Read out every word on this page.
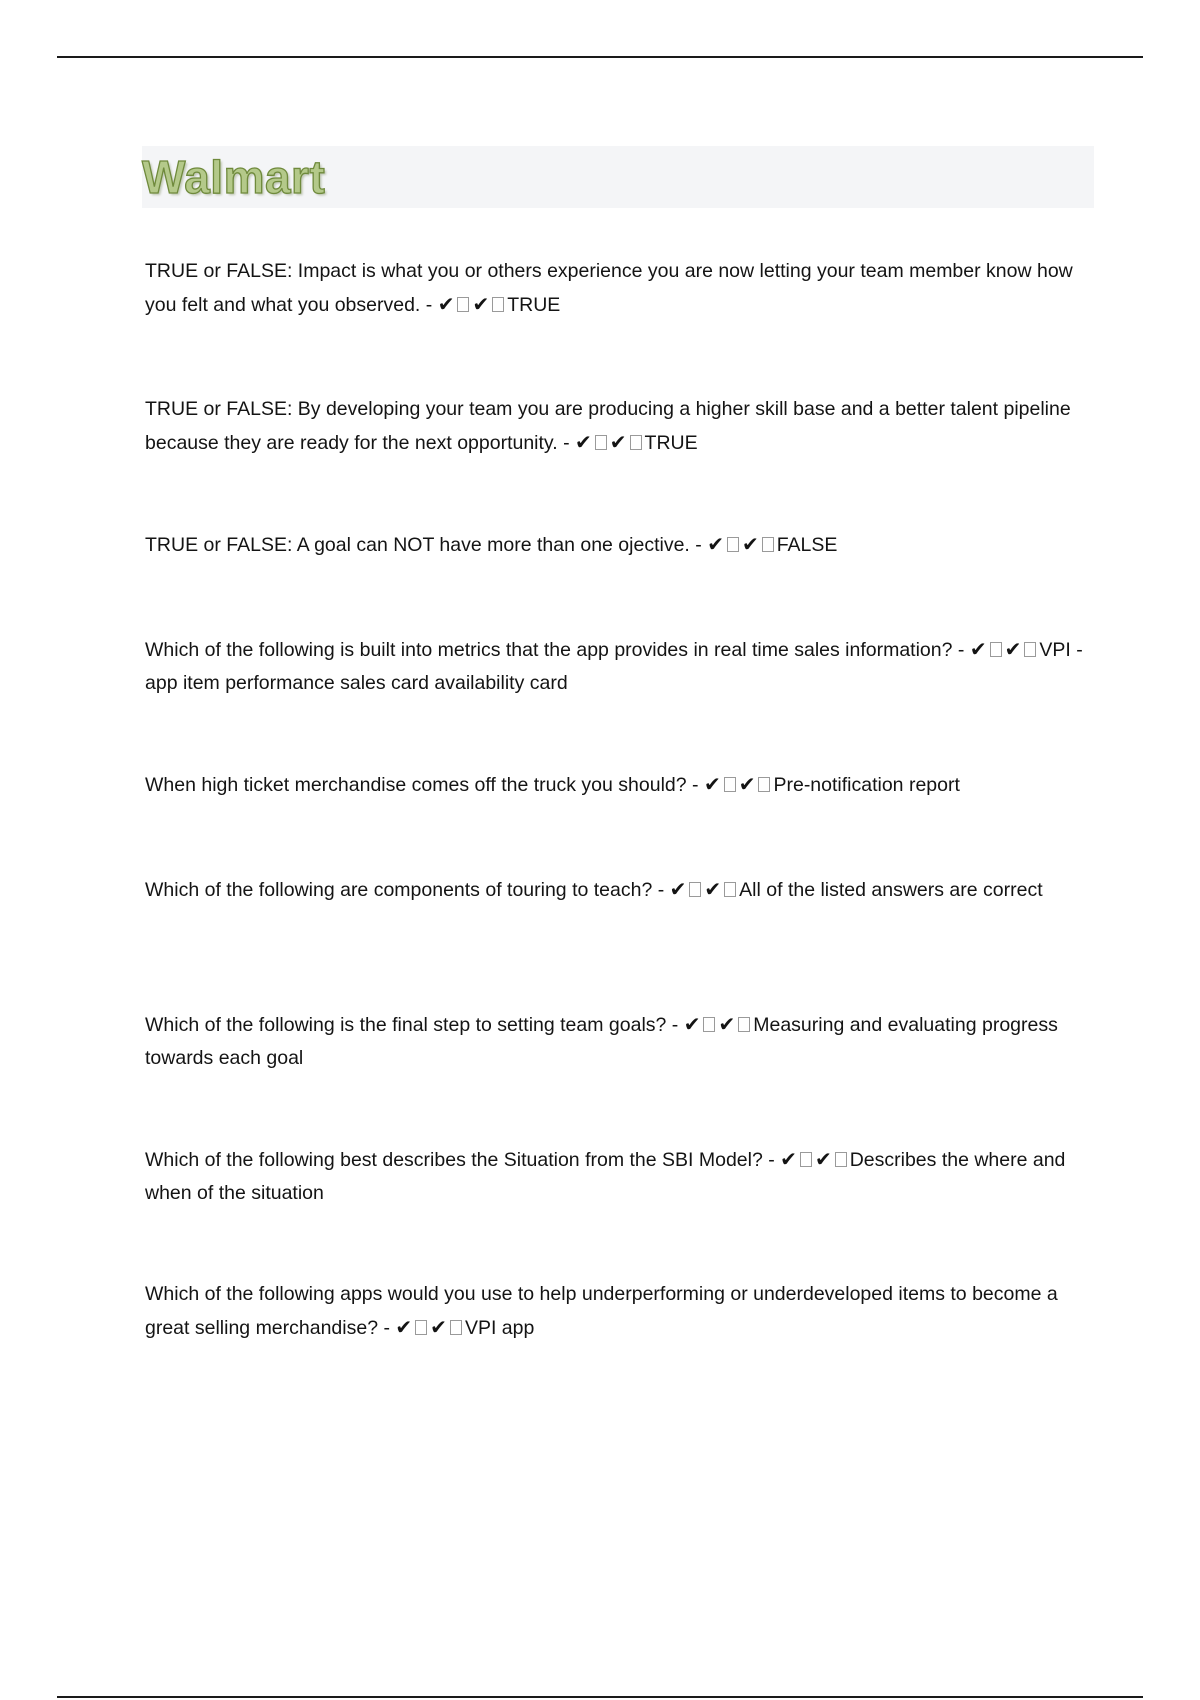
Walmart

TRUE or FALSE: Impact is what you or others experience you are now letting your team member know how you felt and what you observed. - ✔ ✔ TRUE

TRUE or FALSE: By developing your team you are producing a higher skill base and a better talent pipeline because they are ready for the next opportunity. - ✔ ✔ TRUE

TRUE or FALSE: A goal can NOT have more than one ojective. - ✔ ✔ FALSE

Which of the following is built into metrics that the app provides in real time sales information? - ✔ ✔ VPI - app item performance sales card availability card

When high ticket merchandise comes off the truck you should? - ✔ ✔ Pre-notification report

Which of the following are components of touring to teach? - ✔ ✔ All of the listed answers are correct

Which of the following is the final step to setting team goals? - ✔ ✔ Measuring and evaluating progress towards each goal

Which of the following best describes the Situation from the SBI Model? - ✔ ✔ Describes the where and when of the situation

Which of the following apps would you use to help underperforming or underdeveloped items to become a great selling merchandise? - ✔ ✔ VPI app
